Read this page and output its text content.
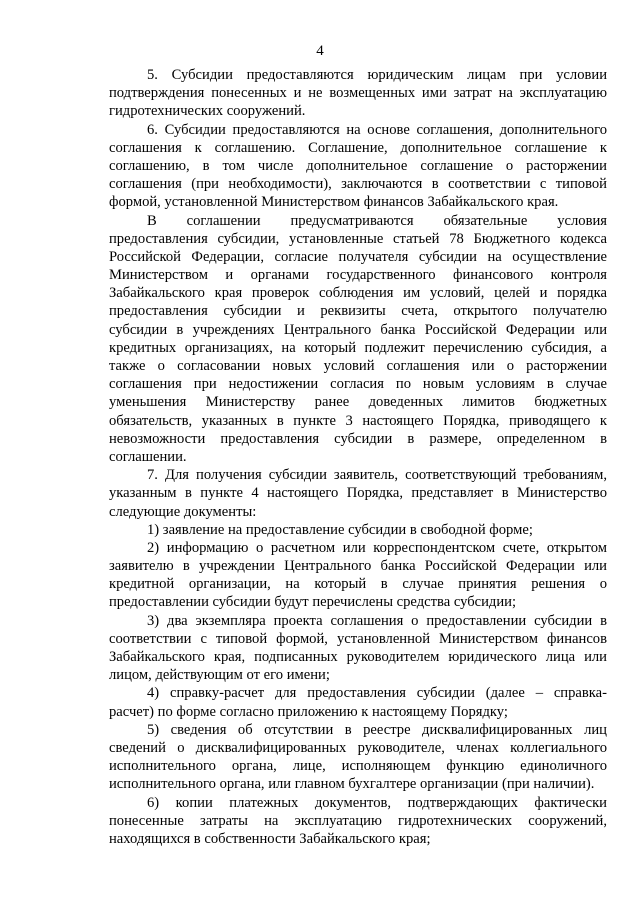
4
5. Субсидии предоставляются юридическим лицам при условии
подтверждения понесенных и не возмещенных ими затрат на эксплуатацию
гидротехнических сооружений.
6. Субсидии предоставляются на основе соглашения, дополнительного
соглашения к соглашению. Соглашение, дополнительное соглашение к
соглашению, в том числе дополнительное соглашение о расторжении
соглашения (при необходимости), заключаются в соответствии с типовой
формой, установленной Министерством финансов Забайкальского края.
В соглашении предусматриваются обязательные условия
предоставления субсидии, установленные статьей 78 Бюджетного кодекса
Российской Федерации, согласие получателя субсидии на осуществление
Министерством и органами государственного финансового контроля
Забайкальского края проверок соблюдения им условий, целей и порядка
предоставления субсидии и реквизиты счета, открытого получателю
субсидии в учреждениях Центрального банка Российской Федерации или
кредитных организациях, на который подлежит перечислению субсидия, а
также о согласовании новых условий соглашения или о расторжении
соглашения при недостижении согласия по новым условиям в случае
уменьшения Министерству ранее доведенных лимитов бюджетных
обязательств, указанных в пункте 3 настоящего Порядка, приводящего к
невозможности предоставления субсидии в размере, определенном в
соглашении.
7. Для получения субсидии заявитель, соответствующий требованиям,
указанным в пункте 4 настоящего Порядка, представляет в Министерство
следующие документы:
1) заявление на предоставление субсидии в свободной форме;
2) информацию о расчетном или корреспондентском счете, открытом
заявителю в учреждении Центрального банка Российской Федерации или
кредитной организации, на который в случае принятия решения о
предоставлении субсидии будут перечислены средства субсидии;
3) два экземпляра проекта соглашения о предоставлении субсидии в
соответствии с типовой формой, установленной Министерством финансов
Забайкальского края, подписанных руководителем юридического лица или
лицом, действующим от его имени;
4) справку-расчет для предоставления субсидии (далее – справка-
расчет) по форме согласно приложению к настоящему Порядку;
5) сведения об отсутствии в реестре дисквалифицированных лиц
сведений о дисквалифицированных руководителе, членах коллегиального
исполнительного органа, лице, исполняющем функцию единоличного
исполнительного органа, или главном бухгалтере организации (при наличии).
6) копии платежных документов, подтверждающих фактически
понесенные затраты на эксплуатацию гидротехнических сооружений,
находящихся в собственности Забайкальского края;
